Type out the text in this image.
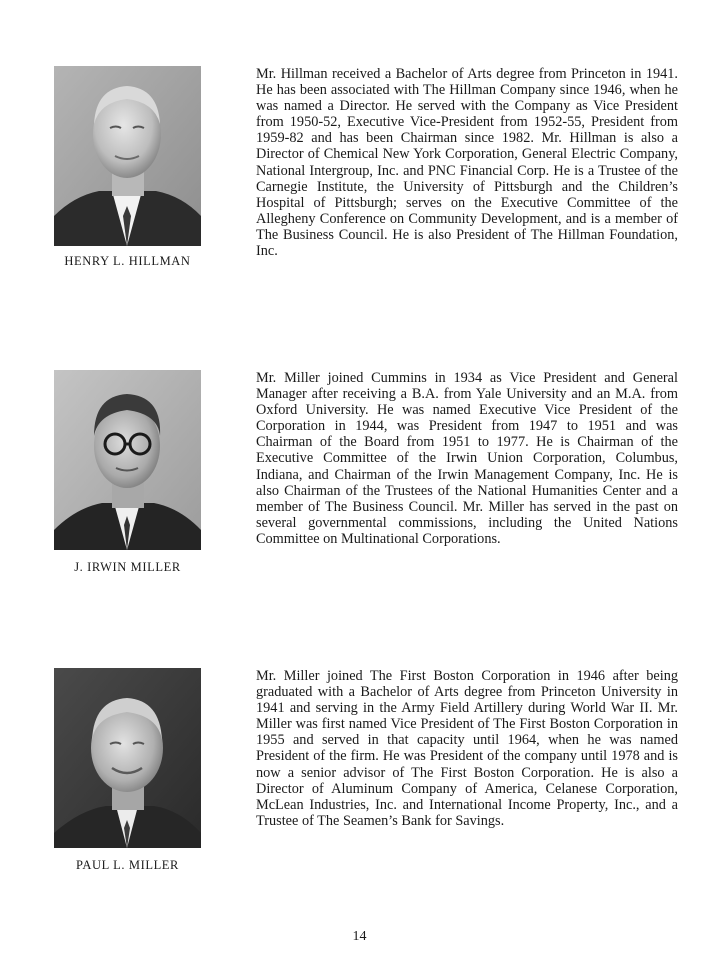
HENRY L. HILLMAN

Mr. Hillman received a Bachelor of Arts degree from Princeton in 1941. He has been associated with The Hillman Company since 1946, when he was named a Director. He served with the Company as Vice President from 1950-52, Executive Vice-President from 1952-55, President from 1959-82 and has been Chairman since 1982. Mr. Hillman is also a Director of Chemical New York Corporation, General Electric Company, National Intergroup, Inc. and PNC Financial Corp. He is a Trustee of the Carnegie Institute, the University of Pittsburgh and the Children’s Hospital of Pittsburgh; serves on the Executive Committee of the Allegheny Conference on Community Development, and is a member of The Business Council. He is also President of The Hillman Foundation, Inc.

J. IRWIN MILLER

Mr. Miller joined Cummins in 1934 as Vice President and General Manager after receiving a B.A. from Yale University and an M.A. from Oxford University. He was named Executive Vice President of the Corporation in 1944, was President from 1947 to 1951 and was Chairman of the Board from 1951 to 1977. He is Chairman of the Executive Committee of the Irwin Union Corporation, Columbus, Indiana, and Chairman of the Irwin Management Company, Inc. He is also Chairman of the Trustees of the National Humanities Center and a member of The Business Council. Mr. Miller has served in the past on several governmental commissions, including the United Nations Committee on Multinational Corporations.

PAUL L. MILLER

Mr. Miller joined The First Boston Corporation in 1946 after being graduated with a Bachelor of Arts degree from Princeton University in 1941 and serving in the Army Field Artillery during World War II. Mr. Miller was first named Vice President of The First Boston Corporation in 1955 and served in that capacity until 1964, when he was named President of the firm. He was President of the company until 1978 and is now a senior advisor of The First Boston Corporation. He is also a Director of Aluminum Company of America, Celanese Corporation, McLean Industries, Inc. and International Income Property, Inc., and a Trustee of The Seamen’s Bank for Savings.

14
